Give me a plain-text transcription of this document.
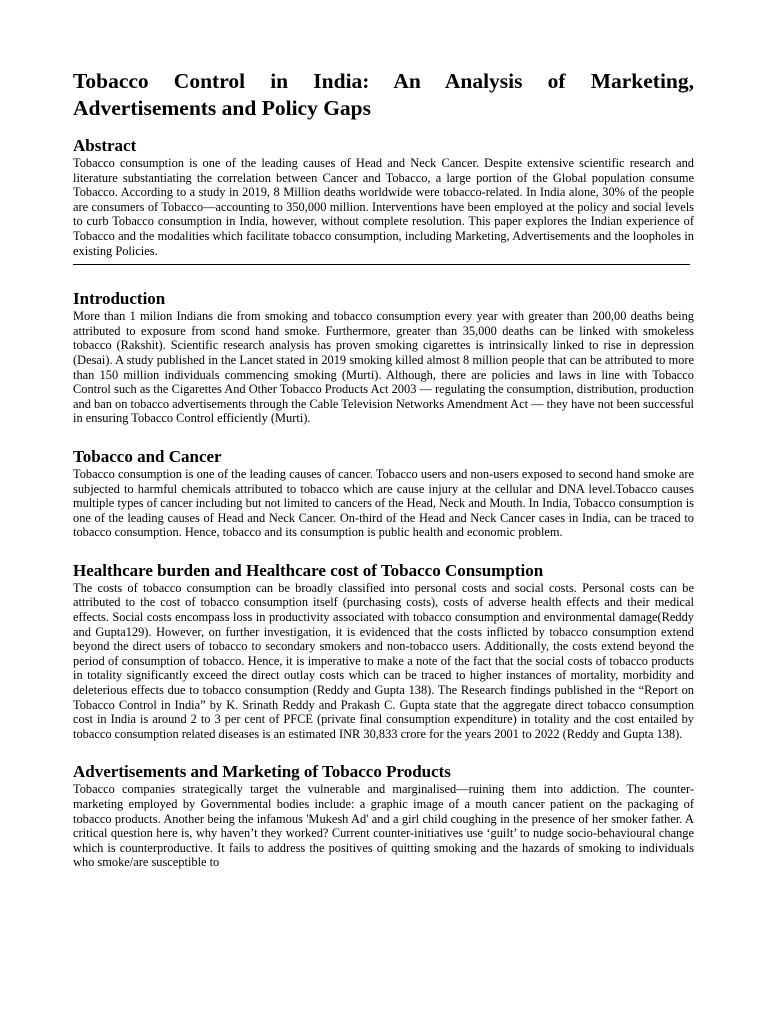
Tobacco Control in India: An Analysis of Marketing,
Advertisements and Policy Gaps
Abstract

Tobacco consumption is one of the leading causes of Head and Neck Cancer. Despite extensive scientific research and literature substantiating the correlation between Cancer and Tobacco, a large portion of the Global population consume Tobacco. According to a study in 2019, 8 Million deaths worldwide were tobacco-related. In India alone, 30% of the people are consumers of Tobacco—accounting to 350,000 million. Interventions have been employed at the policy and social levels to curb Tobacco consumption in India, however, without complete resolution. This paper explores the Indian experience of Tobacco and the modalities which facilitate tobacco consumption, including Marketing, Advertisements and the loopholes in existing Policies.

Introduction

More than 1 milion Indians die from smoking and tobacco consumption every year with greater than 200,00 deaths being attributed to exposure from scond hand smoke. Furthermore, greater than 35,000 deaths can be linked with smokeless tobacco (Rakshit). Scientific research analysis has proven smoking cigarettes is intrinsically linked to rise in depression (Desai). A study published in the Lancet stated in 2019 smoking killed almost 8 million people that can be attributed to more than 150 million individuals commencing smoking (Murti). Although, there are policies and laws in line with Tobacco Control such as the Cigarettes And Other Tobacco Products Act 2003 — regulating the consumption, distribution, production and ban on tobacco advertisements through the Cable Television Networks Amendment Act — they have not been successful in ensuring Tobacco Control efficiently (Murti).

Tobacco and Cancer

Tobacco consumption is one of the leading causes of cancer. Tobacco users and non-users exposed to second hand smoke are subjected to harmful chemicals attributed to tobacco which are cause injury at the cellular and DNA level.Tobacco causes multiple types of cancer including but not limited to cancers of the Head, Neck and Mouth. In India, Tobacco consumption is one of the leading causes of Head and Neck Cancer. On-third of the Head and Neck Cancer cases in India, can be traced to tobacco consumption. Hence, tobacco and its consumption is public health and economic problem.

Healthcare burden and Healthcare cost of Tobacco Consumption

The costs of tobacco consumption can be broadly classified into personal costs and social costs. Personal costs can be attributed to the cost of tobacco consumption itself (purchasing costs), costs of adverse health effects and their medical effects. Social costs encompass loss in productivity associated with tobacco consumption and environmental damage(Reddy and Gupta129). However, on further investigation, it is evidenced that the costs inflicted by tobacco consumption extend beyond the direct users of tobacco to secondary smokers and non-tobacco users. Additionally, the costs extend beyond the period of consumption of tobacco. Hence, it is imperative to make a note of the fact that the social costs of tobacco products in totality significantly exceed the direct outlay costs which can be traced to higher instances of mortality, morbidity and deleterious effects due to tobacco consumption (Reddy and Gupta 138). The Research findings published in the “Report on Tobacco Control in India” by K. Srinath Reddy and Prakash C. Gupta state that the aggregate direct tobacco consumption cost in India is around 2 to 3 per cent of PFCE (private final consumption expenditure) in totality and the cost entailed by tobacco consumption related diseases is an estimated INR 30,833 crore for the years 2001 to 2022 (Reddy and Gupta 138).

Advertisements and Marketing of Tobacco Products

Tobacco companies strategically target the vulnerable and marginalised—ruining them into addiction. The counter-marketing employed by Governmental bodies include: a graphic image of a mouth cancer patient on the packaging of tobacco products. Another being the infamous 'Mukesh Ad' and a girl child coughing in the presence of her smoker father. A critical question here is, why haven’t they worked? Current counter-initiatives use ‘guilt’ to nudge socio-behavioural change which is counterproductive. It fails to address the positives of quitting smoking and the hazards of smoking to individuals who smoke/are susceptible to
